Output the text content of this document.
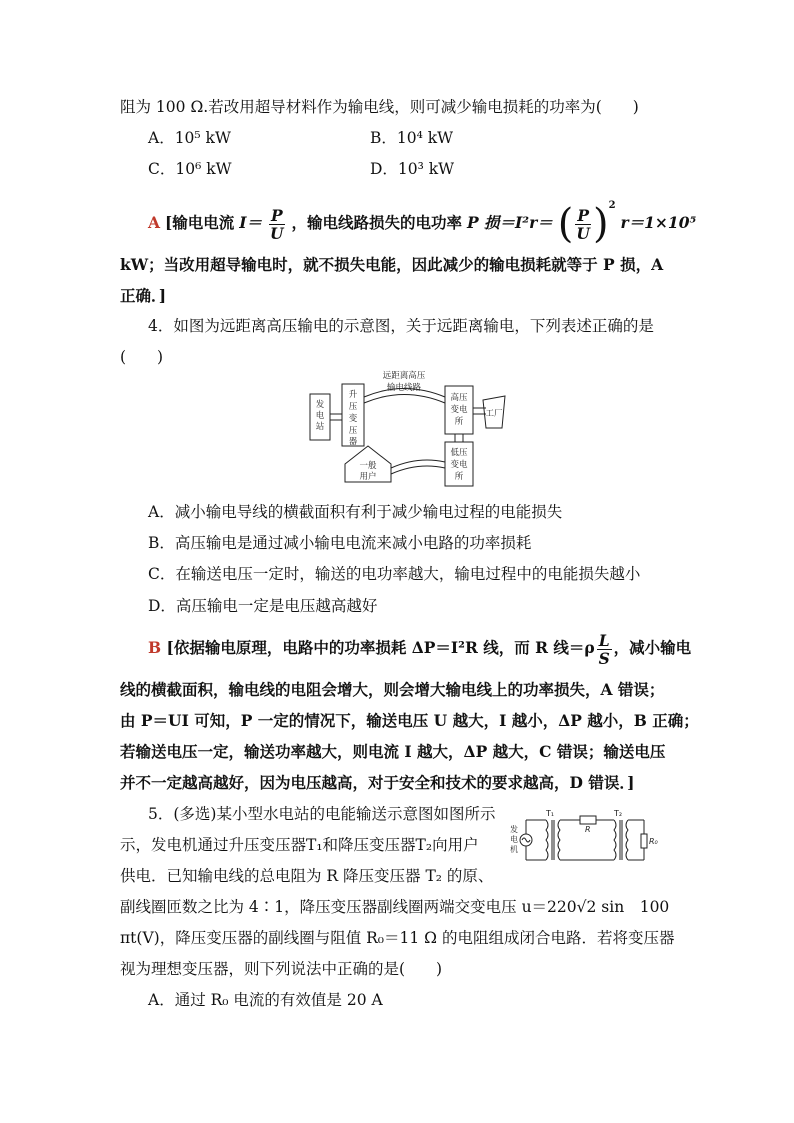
阻为 100 Ω.若改用超导材料作为输电线，则可减少输电损耗的功率为(　　)
A．10⁵ kW	B．10⁴ kW
C．10⁶ kW	D．10³ kW
A [输电电流 $I= \frac{P}{U}$ ，输电线路损失的电功率 P 损＝I²r＝ ( $\frac{P}{U} )^2$ r＝1×10⁵
kW；当改用超导输电时，就不损失电能，因此减少的输电损耗就等于 P 损，A
正确．]
4．如图为远距离高压输电的示意图，关于远距离输电，下列表述正确的是
(　　)
发
电
站
升
压
变
压
器
远距离高压
输电线路
高压
变电
所
工厂
一般
用户
低压
变电
所
A．减小输电导线的横截面积有利于减少输电过程的电能损失
B．高压输电是通过减小输电电流来减小电路的功率损耗
C．在输送电压一定时，输送的电功率越大，输电过程中的电能损失越小
D．高压输电一定是电压越高越好
B [依据输电原理，电路中的功率损耗 ΔP＝I²R 线，而 R 线$=\rho \frac{L}{S}$ ，减小输电
线的横截面积，输电线的电阻会增大，则会增大输电线上的功率损失，A 错误；
由 P＝UI 可知，P 一定的情况下，输送电压 U 越大，I 越小，ΔP 越小，B 正确；
若输送电压一定，输送功率越大，则电流 I 越大，ΔP 越大，C 错误；输送电压
并不一定越高越好，因为电压越高，对于安全和技术的要求越高，D 错误．]
5．(多选)某小型水电站的电能输送示意图如图所示
示，发电机通过升压变压器T₁和降压变压器T₂向用户
供电．已知输电线的总电阻为 R 降压变压器 T₂ 的原、
副线圈匝数之比为 4∶1，降压变压器副线圈两端交变电压 u＝220√2 sin　100
πt(V)，降压变压器的副线圈与阻值 R₀＝11 Ω 的电阻组成闭合电路．若将变压器
视为理想变压器，则下列说法中正确的是(　　)
A．通过 R₀ 电流的有效值是 20 A
发
电
机
T₁	T₂
R
R₀
